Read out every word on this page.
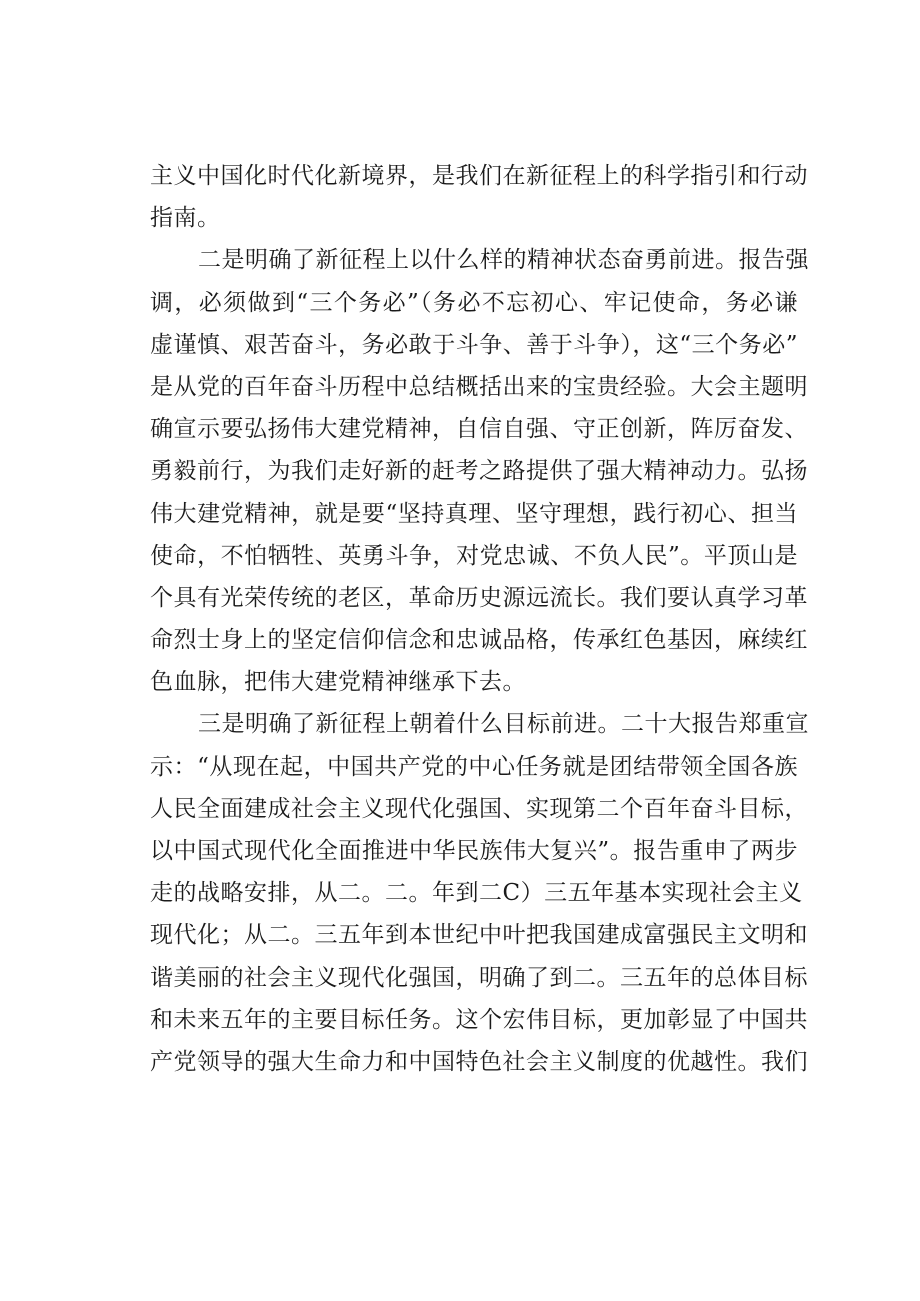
主义中国化时代化新境界，是我们在新征程上的科学指引和行动
指南。
二是明确了新征程上以什么样的精神状态奋勇前进。报告强
调，必须做到“三个务必”（务必不忘初心、牢记使命，务必谦
虚谨慎、艰苦奋斗，务必敢于斗争、善于斗争），这“三个务必”
是从党的百年奋斗历程中总结概括出来的宝贵经验。大会主题明
确宣示要弘扬伟大建党精神，自信自强、守正创新，阵厉奋发、
勇毅前行，为我们走好新的赶考之路提供了强大精神动力。弘扬
伟大建党精神，就是要“坚持真理、坚守理想，践行初心、担当
使命，不怕牺牲、英勇斗争，对党忠诚、不负人民”。平顶山是
个具有光荣传统的老区，革命历史源远流长。我们要认真学习革
命烈士身上的坚定信仰信念和忠诚品格，传承红色基因，麻续红
色血脉，把伟大建党精神继承下去。
三是明确了新征程上朝着什么目标前进。二十大报告郑重宣
示：“从现在起，中国共产党的中心任务就是团结带领全国各族
人民全面建成社会主义现代化强国、实现第二个百年奋斗目标，
以中国式现代化全面推进中华民族伟大复兴”。报告重申了两步
走的战略安排，从二。二。年到二C）三五年基本实现社会主义
现代化；从二。三五年到本世纪中叶把我国建成富强民主文明和
谐美丽的社会主义现代化强国，明确了到二。三五年的总体目标
和未来五年的主要目标任务。这个宏伟目标，更加彰显了中国共
产党领导的强大生命力和中国特色社会主义制度的优越性。我们
